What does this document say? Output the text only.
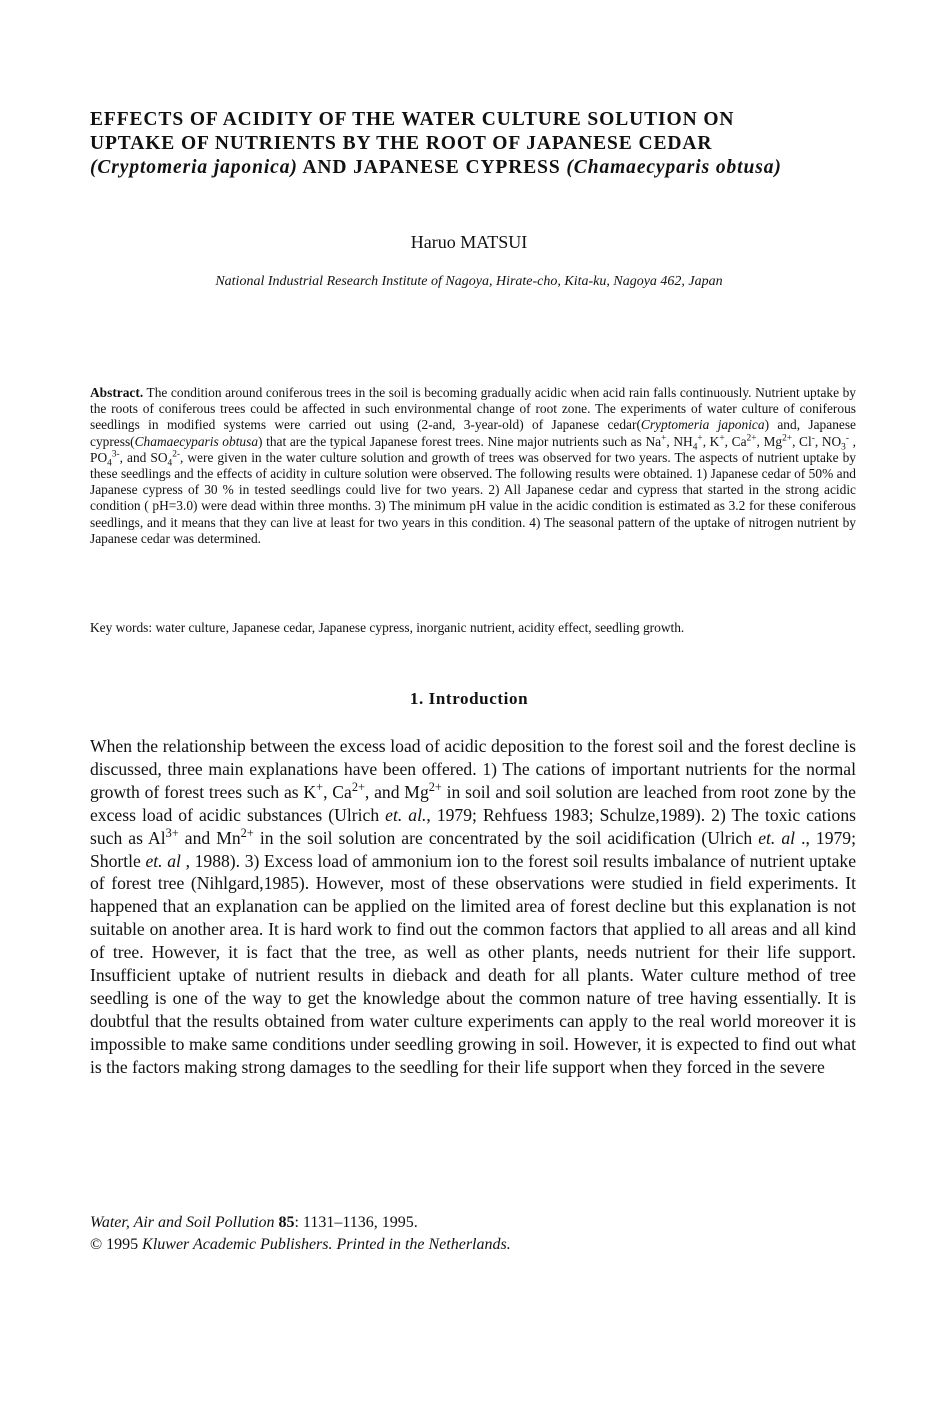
EFFECTS OF ACIDITY OF THE WATER CULTURE SOLUTION ON
UPTAKE OF NUTRIENTS BY THE ROOT OF JAPANESE CEDAR
(Cryptomeria japonica) AND JAPANESE CYPRESS (Chamaecyparis obtusa)
Haruo MATSUI
National Industrial Research Institute of Nagoya, Hirate-cho, Kita-ku, Nagoya 462, Japan

Abstract. The condition around coniferous trees in the soil is becoming gradually acidic when acid rain falls continuously. Nutrient uptake by the roots of coniferous trees could be affected in such environmental change of root zone. The experiments of water culture of coniferous seedlings in modified systems were carried out using (2-and, 3-year-old) of Japanese cedar(Cryptomeria japonica) and, Japanese cypress(Chamaecyparis obtusa) that are the typical Japanese forest trees. Nine major nutrients such as Na+, $NH_4^+$, K+, $Ca^{2+}$, $Mg^{2+}$, Cl-, $NO_3^-$ , $PO_4^{3-}$, and $SO_4^{2-}$, were given in the water culture solution and growth of trees was observed for two years. The aspects of nutrient uptake by these seedlings and the effects of acidity in culture solution were observed. The following results were obtained. 1) Japanese cedar of 50% and Japanese cypress of 30 % in tested seedlings could live for two years. 2) All Japanese cedar and cypress that started in the strong acidic condition ( pH=3.0) were dead within three months. 3) The minimum pH value in the acidic condition is estimated as 3.2 for these coniferous seedlings, and it means that they can live at least for two years in this condition. 4) The seasonal pattern of the uptake of nitrogen nutrient by Japanese cedar was determined.

Key words: water culture, Japanese cedar, Japanese cypress, inorganic nutrient, acidity effect, seedling growth.

1. Introduction

When the relationship between the excess load of acidic deposition to the forest soil and the forest decline is discussed, three main explanations have been offered. 1) The cations of important nutrients for the normal growth of forest trees such as K+, $Ca^{2+}$, and $Mg^{2+}$ in soil and soil solution are leached from root zone by the excess load of acidic substances (Ulrich et. al., 1979; Rehfuess 1983; Schulze,1989). 2) The toxic cations such as $Al^{3+}$ and $Mn^{2+}$ in the soil solution are concentrated by the soil acidification (Ulrich et. al ., 1979; Shortle et. al , 1988). 3) Excess load of ammonium ion to the forest soil results imbalance of nutrient uptake of forest tree (Nihlgard,1985). However, most of these observations were studied in field experiments. It happened that an explanation can be applied on the limited area of forest decline but this explanation is not suitable on another area. It is hard work to find out the common factors that applied to all areas and all kind of tree. However, it is fact that the tree, as well as other plants, needs nutrient for their life support. Insufficient uptake of nutrient results in dieback and death for all plants. Water culture method of tree seedling is one of the way to get the knowledge about the common nature of tree having essentially. It is doubtful that the results obtained from water culture experiments can apply to the real world moreover it is impossible to make same conditions under seedling growing in soil. However, it is expected to find out what is the factors making strong damages to the seedling for their life support when they forced in the severe

Water, Air and Soil Pollution 85: 1131–1136, 1995.
© 1995 Kluwer Academic Publishers. Printed in the Netherlands.
